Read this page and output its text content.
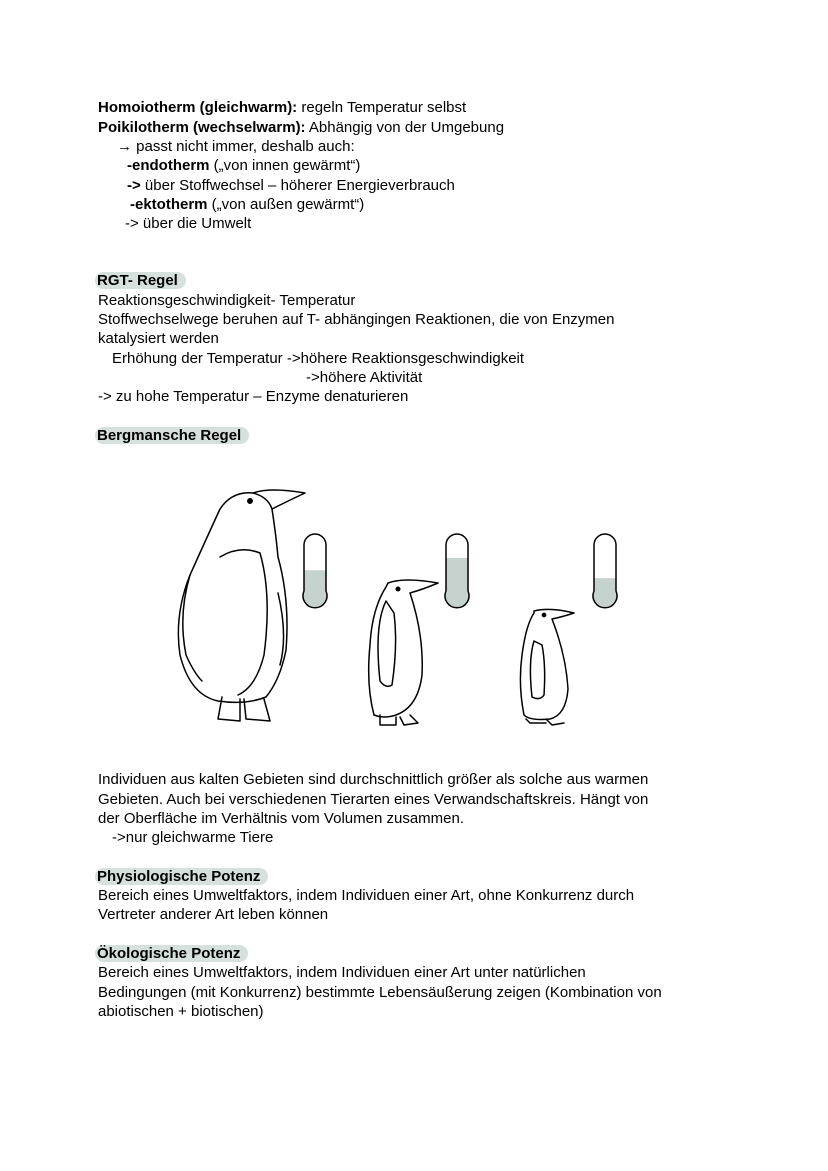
Homoiotherm (gleichwarm): regeln Temperatur selbst
Poikilotherm (wechselwarm): Abhängig von der Umgebung
→ passt nicht immer, deshalb auch:
-endotherm („von innen gewärmt“)
-> über Stoffwechsel – höherer Energieverbrauch
-ektotherm („von außen gewärmt“)
-> über die Umwelt
RGT- Regel
Reaktionsgeschwindigkeit- Temperatur
Stoffwechselwege beruhen auf T- abhängingen Reaktionen, die von Enzymen
katalysiert werden
Erhöhung der Temperatur ->höhere Reaktionsgeschwindigkeit
->höhere Aktivität
-> zu hohe Temperatur – Enzyme denaturieren
Bergmansche Regel
Individuen aus kalten Gebieten sind durchschnittlich größer als solche aus warmen
Gebieten. Auch bei verschiedenen Tierarten eines Verwandschaftskreis. Hängt von
der Oberfläche im Verhältnis vom Volumen zusammen.
->nur gleichwarme Tiere
Physiologische Potenz
Bereich eines Umweltfaktors, indem Individuen einer Art, ohne Konkurrenz durch
Vertreter anderer Art leben können
Ökologische Potenz
Bereich eines Umweltfaktors, indem Individuen einer Art unter natürlichen
Bedingungen (mit Konkurrenz) bestimmte Lebensäußerung zeigen (Kombination von
abiotischen + biotischen)
